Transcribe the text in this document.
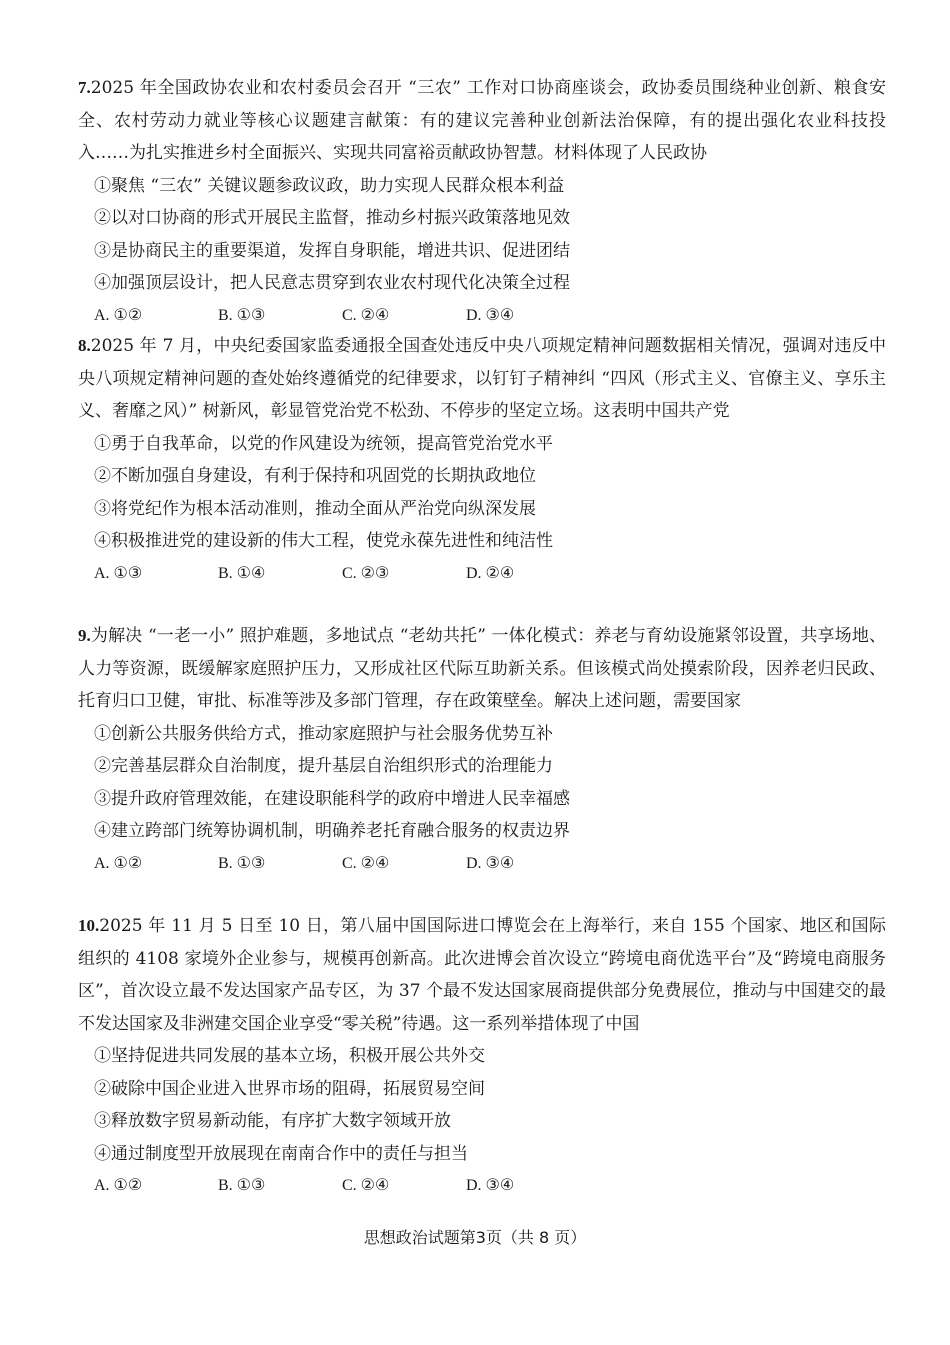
7.2025 年全国政协农业和农村委员会召开 “三农” 工作对口协商座谈会，政协委员围绕种业创新、粮食安全、农村劳动力就业等核心议题建言献策：有的建议完善种业创新法治保障，有的提出强化农业科技投入……为扎实推进乡村全面振兴、实现共同富裕贡献政协智慧。材料体现了人民政协

①聚焦 “三农” 关键议题参政议政，助力实现人民群众根本利益

②以对口协商的形式开展民主监督，推动乡村振兴政策落地见效

③是协商民主的重要渠道，发挥自身职能，增进共识、促进团结

④加强顶层设计，把人民意志贯穿到农业农村现代化决策全过程

A. ①②	B. ①③	C. ②④	D. ③④

8.2025 年 7 月，中央纪委国家监委通报全国查处违反中央八项规定精神问题数据相关情况，强调对违反中央八项规定精神问题的查处始终遵循党的纪律要求，以钉钉子精神纠 “四风（形式主义、官僚主义、享乐主义、奢靡之风）” 树新风，彰显管党治党不松劲、不停步的坚定立场。这表明中国共产党

①勇于自我革命，以党的作风建设为统领，提高管党治党水平

②不断加强自身建设，有利于保持和巩固党的长期执政地位

③将党纪作为根本活动准则，推动全面从严治党向纵深发展

④积极推进党的建设新的伟大工程，使党永葆先进性和纯洁性

A. ①③	B. ①④	C. ②③	D. ②④

9.为解决 “一老一小” 照护难题，多地试点 “老幼共托” 一体化模式：养老与育幼设施紧邻设置，共享场地、人力等资源，既缓解家庭照护压力，又形成社区代际互助新关系。但该模式尚处摸索阶段，因养老归民政、托育归口卫健，审批、标准等涉及多部门管理，存在政策壁垒。解决上述问题，需要国家

①创新公共服务供给方式，推动家庭照护与社会服务优势互补

②完善基层群众自治制度，提升基层自治组织形式的治理能力

③提升政府管理效能，在建设职能科学的政府中增进人民幸福感

④建立跨部门统筹协调机制，明确养老托育融合服务的权责边界

A. ①②	B. ①③	C. ②④	D. ③④

10.2025 年 11 月 5 日至 10 日，第八届中国国际进口博览会在上海举行，来自 155 个国家、地区和国际组织的 4108 家境外企业参与，规模再创新高。此次进博会首次设立“跨境电商优选平台”及“跨境电商服务区”，首次设立最不发达国家产品专区，为 37 个最不发达国家展商提供部分免费展位，推动与中国建交的最不发达国家及非洲建交国企业享受“零关税”待遇。这一系列举措体现了中国

①坚持促进共同发展的基本立场，积极开展公共外交

②破除中国企业进入世界市场的阻碍，拓展贸易空间

③释放数字贸易新动能，有序扩大数字领域开放

④通过制度型开放展现在南南合作中的责任与担当

A. ①②	B. ①③	C. ②④	D. ③④
思想政治试题第3页（共 8 页）
